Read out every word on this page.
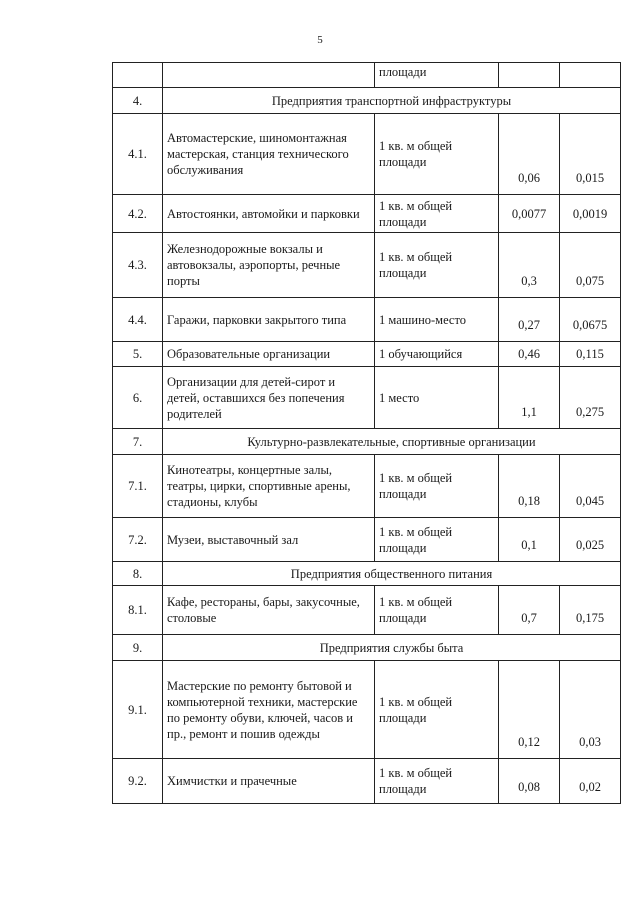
5
		площади		
4.	Предприятия транспортной инфраструктуры			
4.1.	Автомастерские, шиномонтажная мастерская, станция технического обслуживания	1 кв. м общей площади	0,06	0,015
4.2.	Автостоянки, автомойки и парковки	1 кв. м общей площади	0,0077	0,0019
4.3.	Железнодорожные вокзалы и автовокзалы, аэропорты, речные порты	1 кв. м общей площади	0,3	0,075
4.4.	Гаражи, парковки закрытого типа	1 машино-место	0,27	0,0675
5.	Образовательные организации	1 обучающийся	0,46	0,115
6.	Организации для детей-сирот и детей, оставшихся без попечения родителей	1 место	1,1	0,275
7.	Культурно-развлекательные, спортивные организации			
7.1.	Кинотеатры, концертные залы, театры, цирки, спортивные арены, стадионы, клубы	1 кв. м общей площади	0,18	0,045
7.2.	Музеи, выставочный зал	1 кв. м общей площади	0,1	0,025
8.	Предприятия общественного питания			
8.1.	Кафе, рестораны, бары, закусочные, столовые	1 кв. м общей площади	0,7	0,175
9.	Предприятия службы быта			
9.1.	Мастерские по ремонту бытовой и компьютерной техники, мастерские по ремонту обуви, ключей, часов и пр., ремонт и пошив одежды	1 кв. м общей площади	0,12	0,03
9.2.	Химчистки и прачечные	1 кв. м общей площади	0,08	0,02
